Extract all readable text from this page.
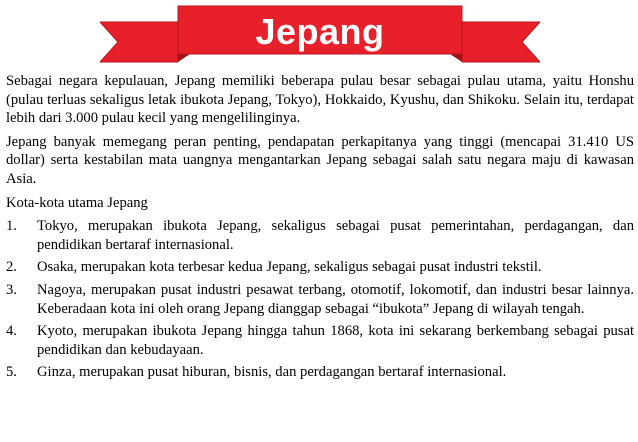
Jepang

Sebagai negara kepulauan, Jepang memiliki beberapa pulau besar sebagai pulau utama, yaitu Honshu (pulau terluas sekaligus letak ibukota Jepang, Tokyo), Hokkaido, Kyushu, dan Shikoku. Selain itu, terdapat lebih dari 3.000 pulau kecil yang mengelilinginya.

Jepang banyak memegang peran penting, pendapatan perkapitanya yang tinggi (mencapai 31.410 US dollar) serta kestabilan mata uangnya mengantarkan Jepang sebagai salah satu negara maju di kawasan Asia.

Kota-kota utama Jepang

1.	Tokyo, merupakan ibukota Jepang, sekaligus sebagai pusat pemerintahan, perdagangan, dan pendidikan bertaraf internasional.
2.	Osaka, merupakan kota terbesar kedua Jepang, sekaligus sebagai pusat industri tekstil.
3.	Nagoya, merupakan pusat industri pesawat terbang, otomotif, lokomotif, dan industri besar lainnya. Keberadaan kota ini oleh orang Jepang dianggap sebagai “ibukota” Jepang di wilayah tengah.
4.	Kyoto, merupakan ibukota Jepang hingga tahun 1868, kota ini sekarang berkembang sebagai pusat pendidikan dan kebudayaan.
5.	Ginza, merupakan pusat hiburan, bisnis, dan perdagangan bertaraf internasional.
